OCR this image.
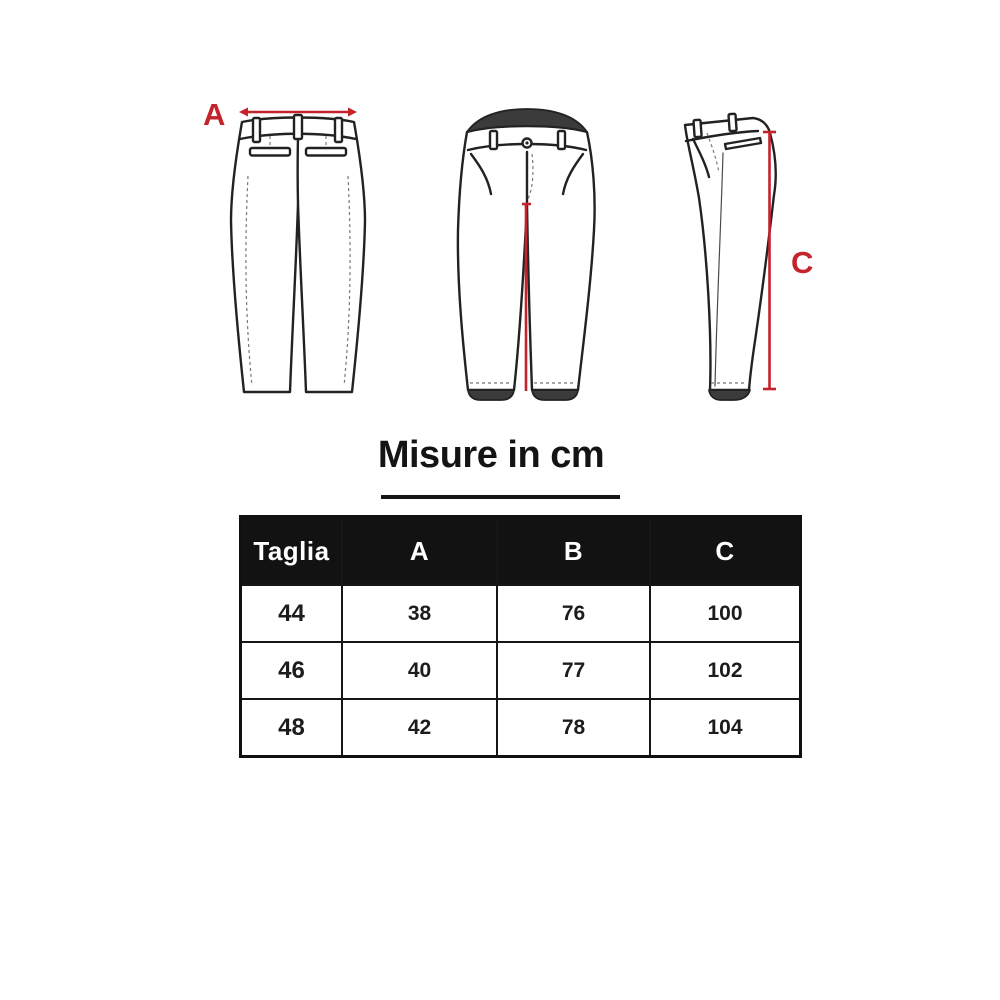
A
C
Misure in cm
Taglia	A	B	C
44	38	76	100
46	40	77	102
48	42	78	104
